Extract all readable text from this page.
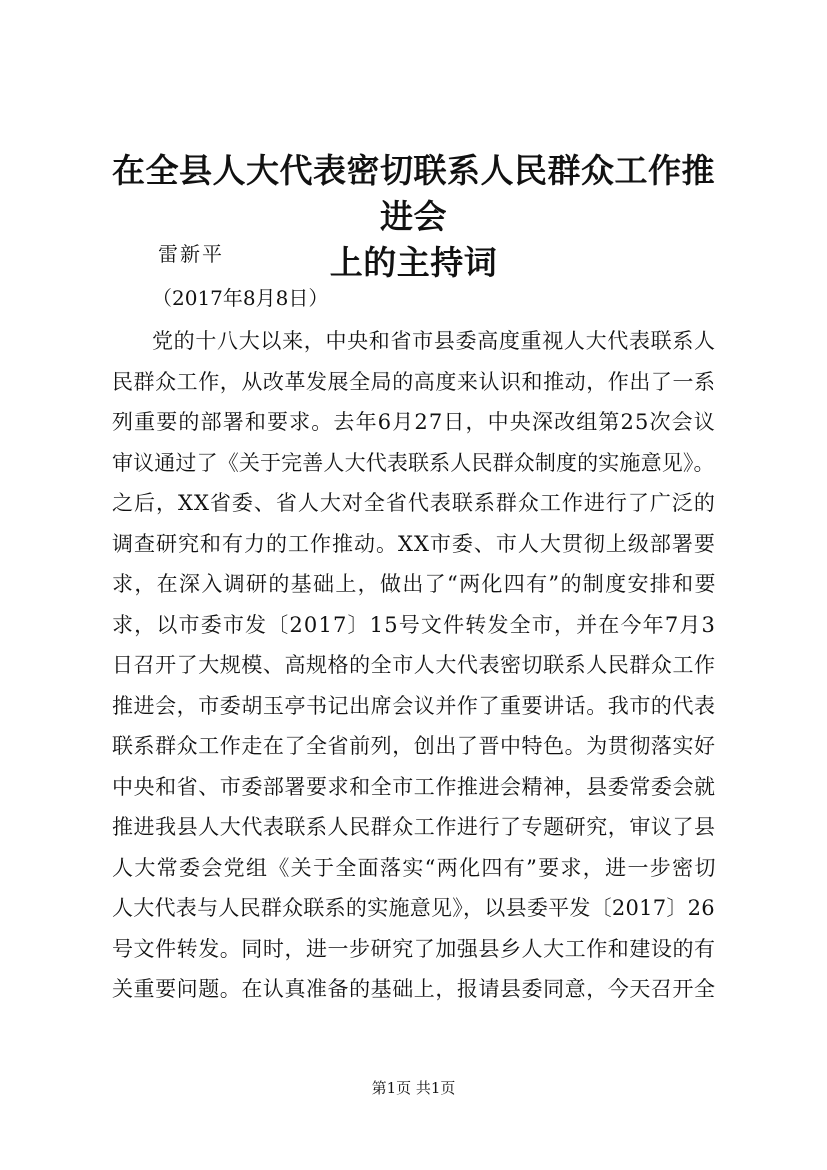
在全县人大代表密切联系人民群众工作推进会
上的主持词
雷新平
（2017年8月8日）
党的十八大以来，中央和省市县委高度重视人大代表联系人
民群众工作，从改革发展全局的高度来认识和推动，作出了一系
列重要的部署和要求。去年6月27日，中央深改组第25次会议
审议通过了《关于完善人大代表联系人民群众制度的实施意见》。
之后，XX省委、省人大对全省代表联系群众工作进行了广泛的
调查研究和有力的工作推动。XX市委、市人大贯彻上级部署要
求，在深入调研的基础上，做出了“两化四有”的制度安排和要
求，以市委市发〔2017〕15号文件转发全市，并在今年7月3
日召开了大规模、高规格的全市人大代表密切联系人民群众工作
推进会，市委胡玉亭书记出席会议并作了重要讲话。我市的代表
联系群众工作走在了全省前列，创出了晋中特色。为贯彻落实好
中央和省、市委部署要求和全市工作推进会精神，县委常委会就
推进我县人大代表联系人民群众工作进行了专题研究，审议了县
人大常委会党组《关于全面落实“两化四有”要求，进一步密切
人大代表与人民群众联系的实施意见》，以县委平发〔2017〕26
号文件转发。同时，进一步研究了加强县乡人大工作和建设的有
关重要问题。在认真准备的基础上，报请县委同意，今天召开全
第1页 共1页
